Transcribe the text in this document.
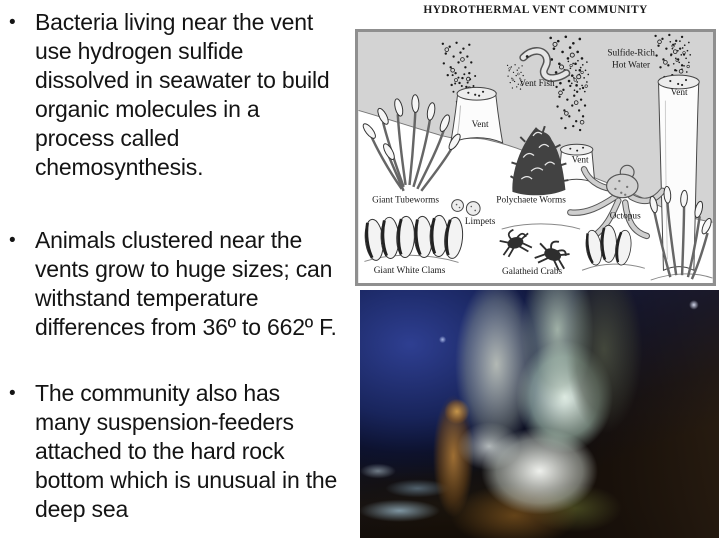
• Bacteria living near the vent
use hydrogen sulfide
dissolved in seawater to build
organic molecules in a
process called
chemosynthesis.
• Animals clustered near the
vents grow to huge sizes; can
withstand temperature
differences from 36º to 662º F.
• The community also has
many suspension-feeders
attached to the hard rock
bottom which is unusual in the
deep sea
HYDROTHERMAL VENT COMMUNITY
Sulfide-Rich
Hot Water
Vent Fish
Vent
Vent
Vent
Giant Tubeworms	Polychaete Worms
Limpets
Octopus
Giant White Clams	Galatheid Crabs
